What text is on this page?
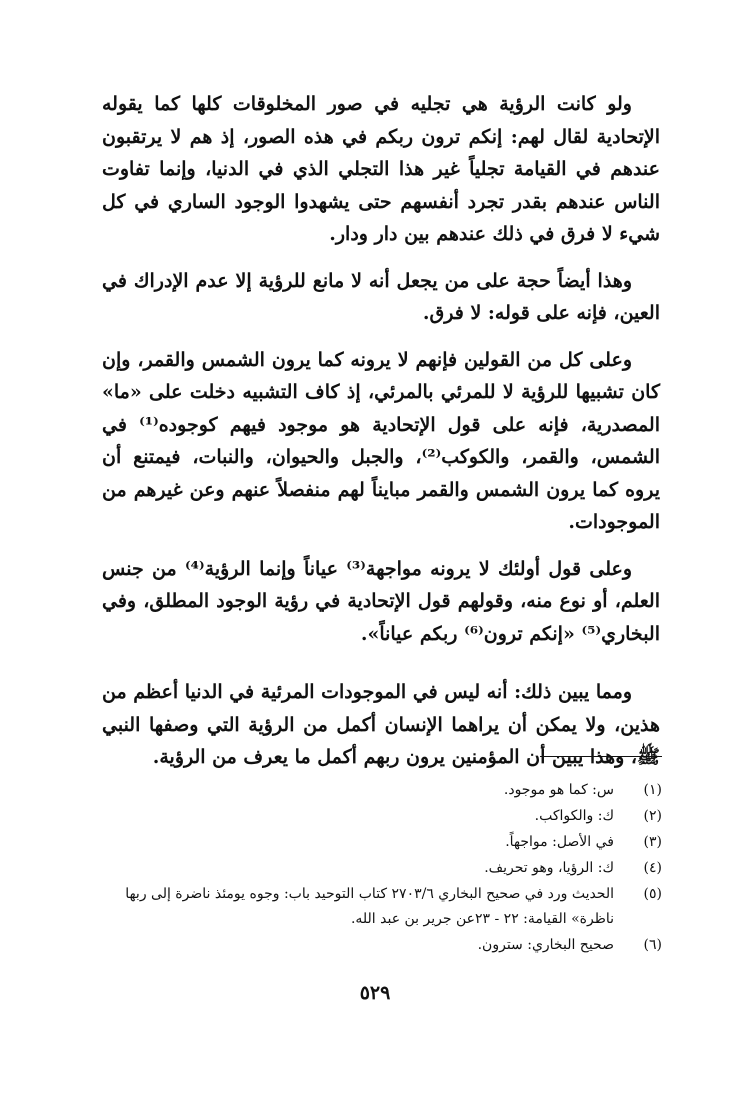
ولو كانت الرؤية هي تجليه في صور المخلوقات كلها كما يقوله الإتحادية لقال لهم: إنكم ترون ربكم في هذه الصور، إذ هم لا يرتقبون عندهم في القيامة تجلياً غير هذا التجلي الذي في الدنيا، وإنما تفاوت الناس عندهم بقدر تجرد أنفسهم حتى يشهدوا الوجود الساري في كل شيء لا فرق في ذلك عندهم بين دار ودار.

وهذا أيضاً حجة على من يجعل أنه لا مانع للرؤية إلا عدم الإدراك في العين، فإنه على قوله: لا فرق.

وعلى كل من القولين فإنهم لا يرونه كما يرون الشمس والقمر، وإن كان تشبيها للرؤية لا للمرئي بالمرئي، إذ كاف التشبيه دخلت على «ما» المصدرية، فإنه على قول الإتحادية هو موجود فيهم كوجوده⁽¹⁾ في الشمس، والقمر، والكوكب⁽²⁾، والجبل والحيوان، والنبات، فيمتنع أن يروه كما يرون الشمس والقمر مبايناً لهم منفصلاً عنهم وعن غيرهم من الموجودات.

وعلى قول أولئك لا يرونه مواجهة⁽³⁾ عياناً وإنما الرؤية⁽⁴⁾ من جنس العلم، أو نوع منه، وقولهم قول الإتحادية في رؤية الوجود المطلق، وفي البخاري⁽⁵⁾ «إنكم ترون⁽⁶⁾ ربكم عياناً».

ومما يبين ذلك: أنه ليس في الموجودات المرئية في الدنيا أعظم من هذين، ولا يمكن أن يراهما الإنسان أكمل من الرؤية التي وصفها النبي ﷺ، وهذا يبين أن المؤمنين يرون ربهم أكمل ما يعرف من الرؤية.

(١)
س: كما هو موجود.
(٢)
ك: والكواكب.
(٣)
في الأصل: مواجهاً.
(٤)
ك: الرؤيا، وهو تحريف.
(٥)
الحديث ورد في صحيح البخاري ٢٧٠٣/٦ كتاب التوحيد باب: وجوه يومئذ ناضرة إلى ربها ناظرة» القيامة: ٢٢ - ٢٣عن جرير بن عبد الله.
(٦)
صحيح البخاري: سترون.
٥٢٩
